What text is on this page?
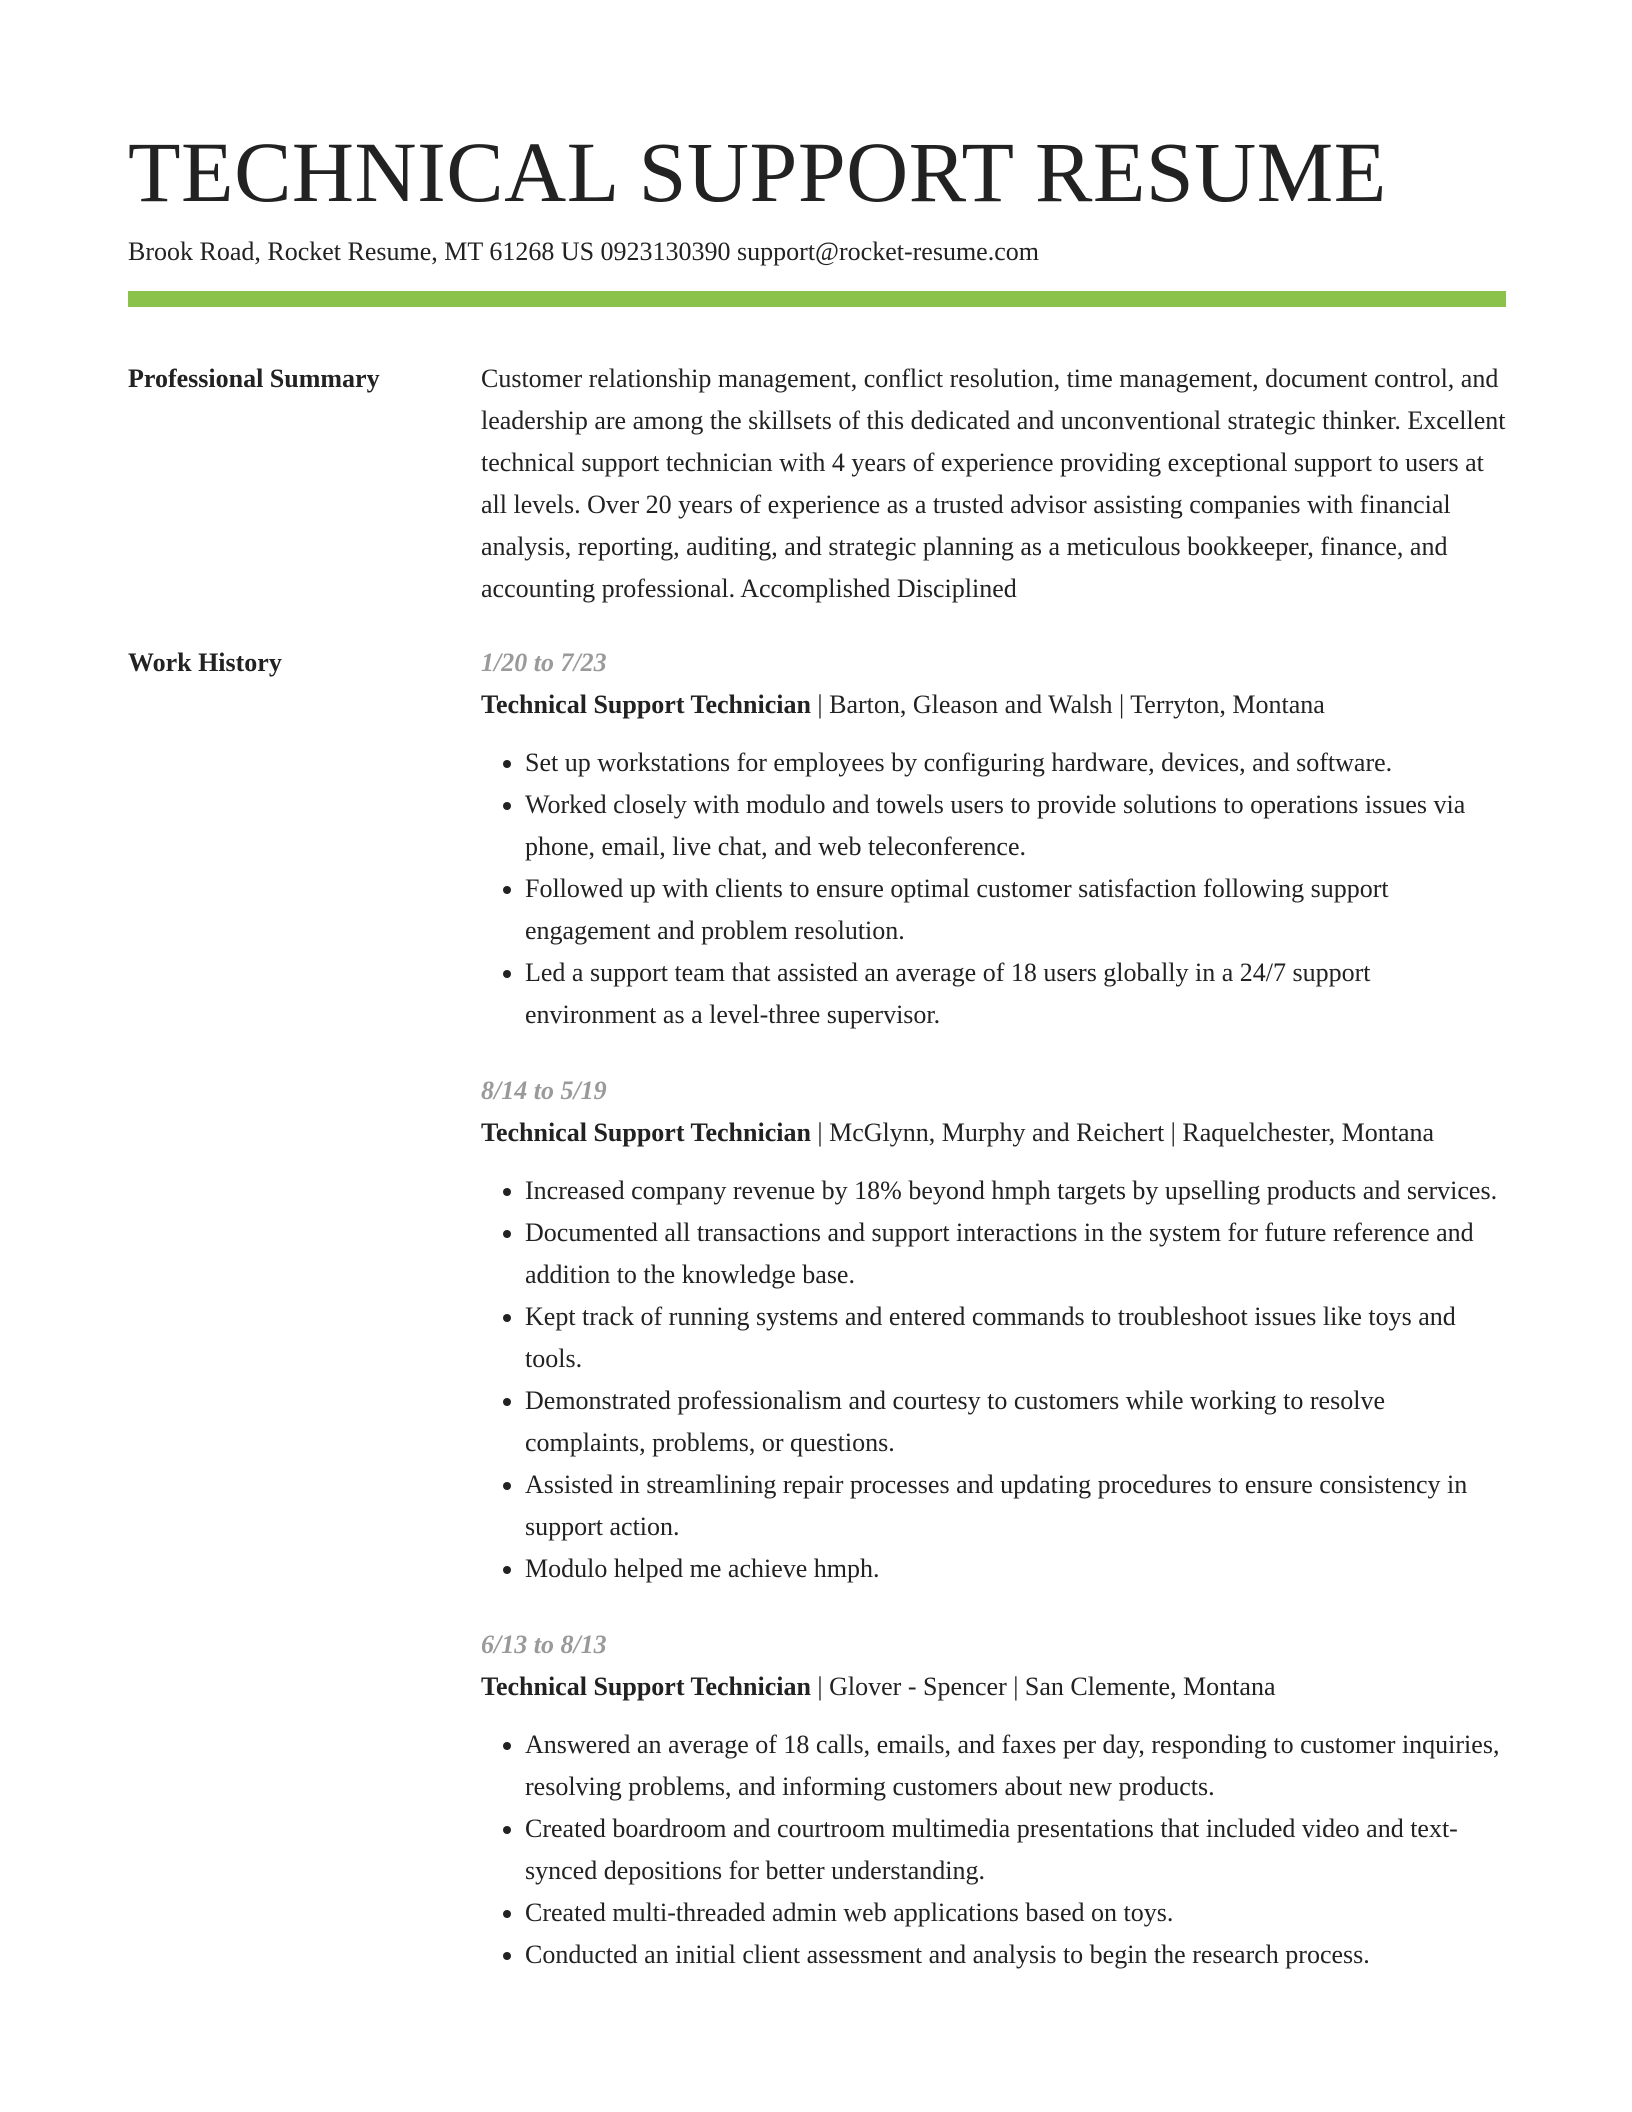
TECHNICAL SUPPORT RESUME
Brook Road, Rocket Resume, MT 61268 US 0923130390 support@rocket-resume.com
Professional Summary	Customer relationship management, conflict resolution, time management, document control, and leadership are among the skillsets of this dedicated and unconventional strategic thinker. Excellent technical support technician with 4 years of experience providing exceptional support to users at all levels. Over 20 years of experience as a trusted advisor assisting companies with financial analysis, reporting, auditing, and strategic planning as a meticulous bookkeeper, finance, and accounting professional. Accomplished Disciplined

Work History	1/20 to 7/23

Technical Support Technician | Barton, Gleason and Walsh | Terryton, Montana

• Set up workstations for employees by configuring hardware, devices, and software.
• Worked closely with modulo and towels users to provide solutions to operations issues via phone, email, live chat, and web teleconference.
• Followed up with clients to ensure optimal customer satisfaction following support engagement and problem resolution.
• Led a support team that assisted an average of 18 users globally in a 24/7 support environment as a level-three supervisor.
8/14 to 5/19

Technical Support Technician | McGlynn, Murphy and Reichert | Raquelchester, Montana

• Increased company revenue by 18% beyond hmph targets by upselling products and services.
• Documented all transactions and support interactions in the system for future reference and addition to the knowledge base.
• Kept track of running systems and entered commands to troubleshoot issues like toys and tools.
• Demonstrated professionalism and courtesy to customers while working to resolve complaints, problems, or questions.
• Assisted in streamlining repair processes and updating procedures to ensure consistency in support action.
• Modulo helped me achieve hmph.
6/13 to 8/13

Technical Support Technician | Glover - Spencer | San Clemente, Montana

• Answered an average of 18 calls, emails, and faxes per day, responding to customer inquiries, resolving problems, and informing customers about new products.
• Created boardroom and courtroom multimedia presentations that included video and text-synced depositions for better understanding.
• Created multi-threaded admin web applications based on toys.
• Conducted an initial client assessment and analysis to begin the research process.
